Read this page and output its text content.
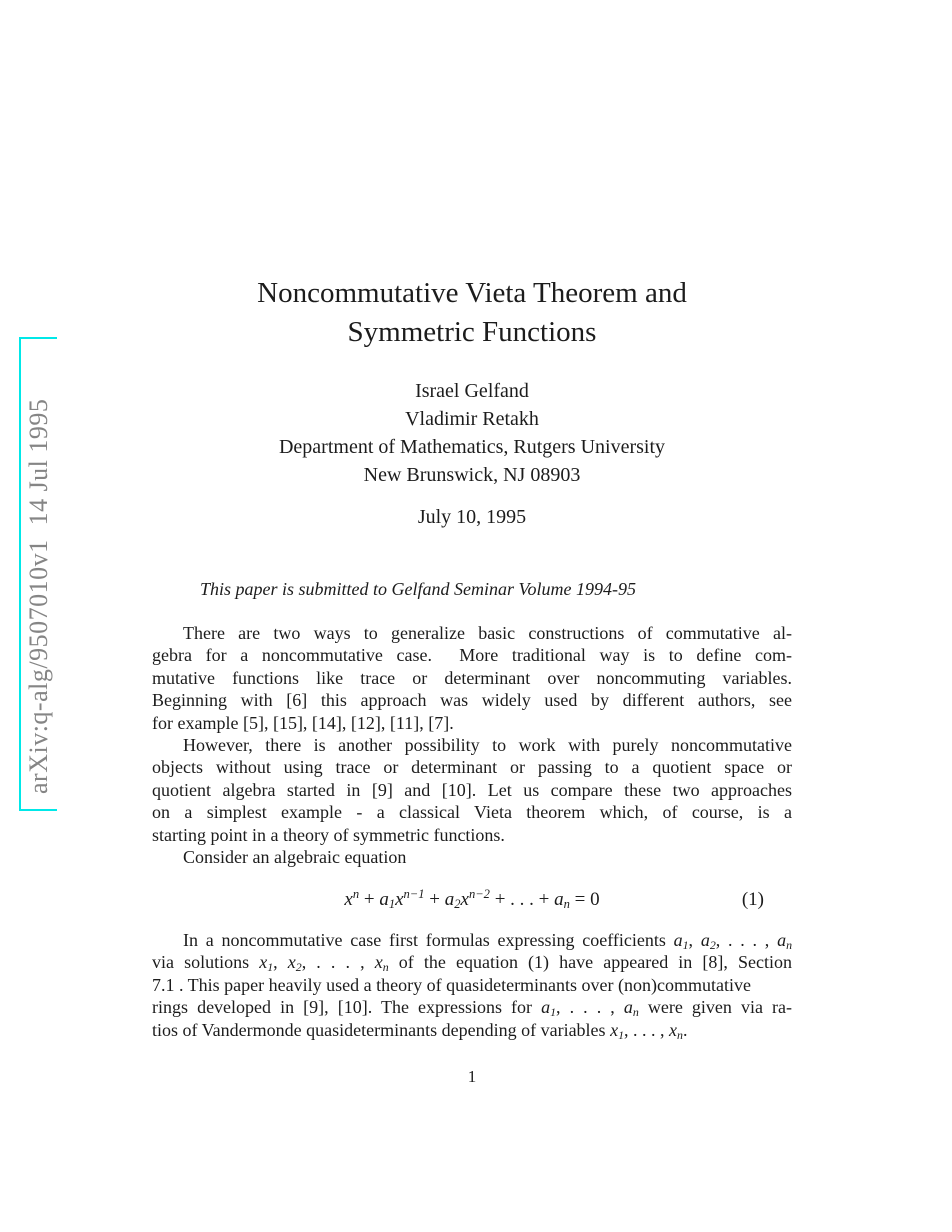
arXiv:q-alg/9507010v1  14 Jul 1995
Noncommutative Vieta Theorem and
Symmetric Functions
Israel Gelfand
Vladimir Retakh
Department of Mathematics, Rutgers University
New Brunswick, NJ 08903
July 10, 1995
This paper is submitted to Gelfand Seminar Volume 1994-95
There are two ways to generalize basic constructions of commutative al-
gebra for a noncommutative case.  More traditional way is to define com-
mutative functions like trace or determinant over noncommuting variables.
Beginning with [6] this approach was widely used by different authors, see
for example [5], [15], [14], [12], [11], [7].
However, there is another possibility to work with purely noncommutative
objects without using trace or determinant or passing to a quotient space or
quotient algebra started in [9] and [10]. Let us compare these two approaches
on a simplest example - a classical Vieta theorem which, of course, is a
starting point in a theory of symmetric functions.
Consider an algebraic equation
$x^n + a_1x^{n-1} + a_2x^{n-2}$ + . . . + $a_n = 0$	(1)
In a noncommutative case first formulas expressing coefficients $a_1$, $a_2$, . . . , $a_n$
via solutions $x_1$, $x_2$, . . . , $x_n$ of the equation (1) have appeared in [8], Section
7.1 . This paper heavily used a theory of quasideterminants over (non)commutative
rings developed in [9], [10]. The expressions for $a_1$, . . . , $a_n$ were given via ra-
tios of Vandermonde quasideterminants depending of variables $x_1$, . . . , $x_n$.
1
